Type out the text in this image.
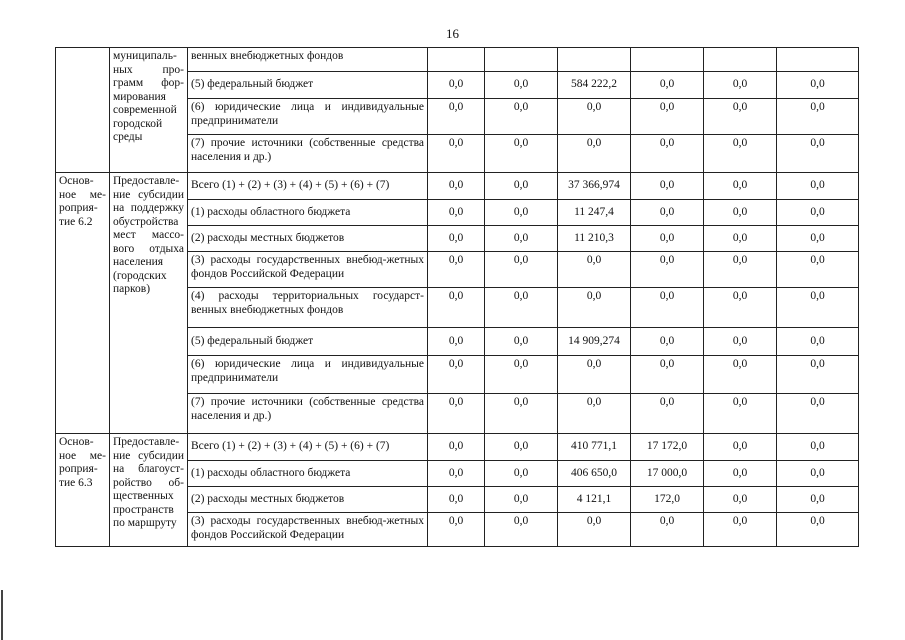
16
	муниципаль-ных про-грамм фор-мирования современной городской среды	венных внебюджетных фондов						
		(5) федеральный бюджет	0,0	0,0	584 222,2	0,0	0,0	0,0
		(6) юридические лица и индивидуальные предприниматели	0,0	0,0	0,0	0,0	0,0	0,0
		(7) прочие источники (собственные средства населения и др.)	0,0	0,0	0,0	0,0	0,0	0,0
Основ-ное ме-роприя-тие 6.2	Предоставле-ние субсидии на поддержку обустройства мест массо-вого отдыха населения (городских парков)	Всего (1) + (2) + (3) + (4) + (5) + (6) + (7)	0,0	0,0	37 366,974	0,0	0,0	0,0
		(1) расходы областного бюджета	0,0	0,0	11 247,4	0,0	0,0	0,0
		(2) расходы местных бюджетов	0,0	0,0	11 210,3	0,0	0,0	0,0
		(3) расходы государственных внебюд-жетных фондов Российской Федерации	0,0	0,0	0,0	0,0	0,0	0,0
		(4) расходы территориальных государст-венных внебюджетных фондов	0,0	0,0	0,0	0,0	0,0	0,0
		(5) федеральный бюджет	0,0	0,0	14 909,274	0,0	0,0	0,0
		(6) юридические лица и индивидуальные предприниматели	0,0	0,0	0,0	0,0	0,0	0,0
		(7) прочие источники (собственные средства населения и др.)	0,0	0,0	0,0	0,0	0,0	0,0
Основ-ное ме-роприя-тие 6.3	Предоставле-ние субсидии на благоуст-ройство об-щественных пространств по маршруту	Всего (1) + (2) + (3) + (4) + (5) + (6) + (7)	0,0	0,0	410 771,1	17 172,0	0,0	0,0
		(1) расходы областного бюджета	0,0	0,0	406 650,0	17 000,0	0,0	0,0
		(2) расходы местных бюджетов	0,0	0,0	4 121,1	172,0	0,0	0,0
		(3) расходы государственных внебюд-жетных фондов Российской Федерации	0,0	0,0	0,0	0,0	0,0	0,0
